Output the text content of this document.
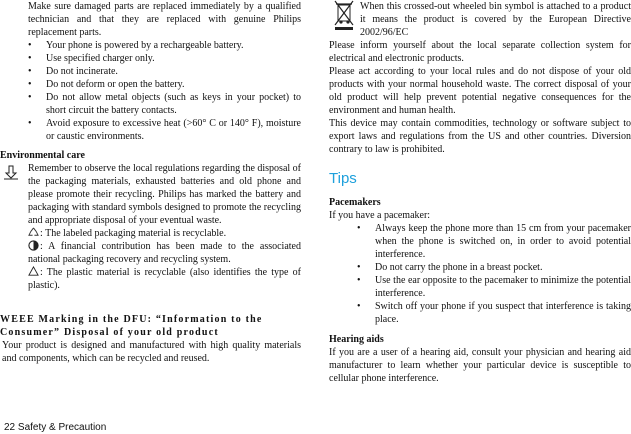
Make sure damaged parts are replaced immediately by a qualified technician and that they are replaced with genuine Philips replacement parts.

• Your phone is powered by a rechargeable battery.
• Use specified charger only.
• Do not incinerate.
• Do not deform or open the battery.
• Do not allow metal objects (such as keys in your pocket) to short circuit the battery contacts.
• Avoid exposure to excessive heat (>60° C or 140° F), moisture or caustic environments.
Environmental care

Remember to observe the local regulations regarding the disposal of the packaging materials, exhausted batteries and old phone and please promote their recycling. Philips has marked the battery and packaging with standard symbols designed to promote the recycling and appropriate disposal of your eventual waste.

: The labeled packaging material is recyclable.

: A financial contribution has been made to the associated national packaging recovery and recycling system.

: The plastic material is recyclable (also identifies the type of plastic).

WEEE Marking in the DFU: “Information to the Consumer” Disposal of your old product

Your product is designed and manufactured with high quality materials and components, which can be recycled and reused.

When this crossed-out wheeled bin symbol is attached to a product it means the product is covered by the European Directive 2002/96/EC

Please inform yourself about the local separate collection system for electrical and electronic products.

Please act according to your local rules and do not dispose of your old products with your normal household waste. The correct disposal of your old product will help prevent potential negative consequences for the environment and human health.

This device may contain commodities, technology or software subject to export laws and regulations from the US and other countries. Diversion contrary to law is prohibited.

Tips
Pacemakers

If you have a pacemaker:

• Always keep the phone more than 15 cm from your pacemaker when the phone is switched on, in order to avoid potential interference.
• Do not carry the phone in a breast pocket.
• Use the ear opposite to the pacemaker to minimize the potential interference.
• Switch off your phone if you suspect that interference is taking place.
Hearing aids

If you are a user of a hearing aid, consult your physician and hearing aid manufacturer to learn whether your particular device is susceptible to cellular phone interference.

22 Safety & Precaution
